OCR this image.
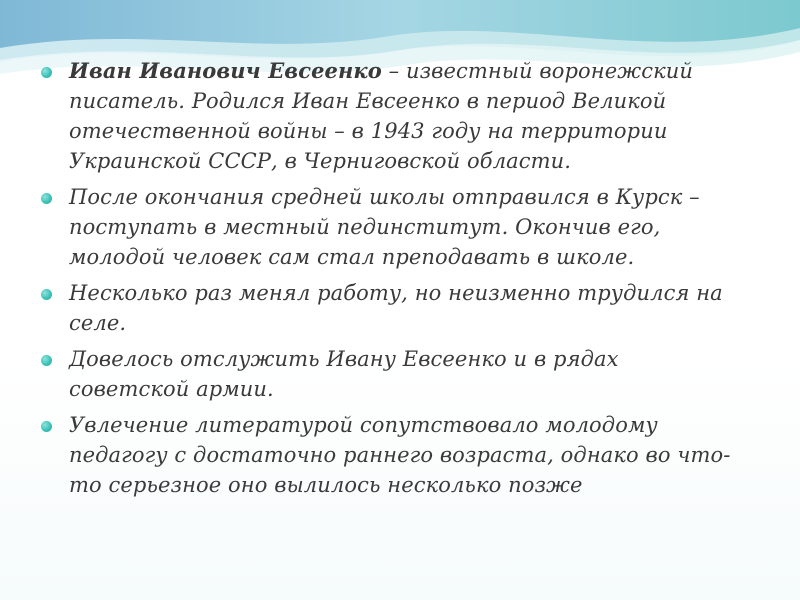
Иван Иванович Евсеенко – известный воронежский писатель. Родился Иван Евсеенко в период Великой отечественной войны – в 1943 году на территории Украинской СССР, в Черниговской области.
После окончания средней школы отправился в Курск – поступать в местный пединститут. Окончив его, молодой человек сам стал преподавать в школе.
Несколько раз менял работу, но неизменно трудился на селе.
Довелось отслужить Ивану Евсеенко и в рядах советской армии.
Увлечение литературой сопутствовало молодому педагогу с достаточно раннего возраста, однако во что-то серьезное оно вылилось несколько позже
